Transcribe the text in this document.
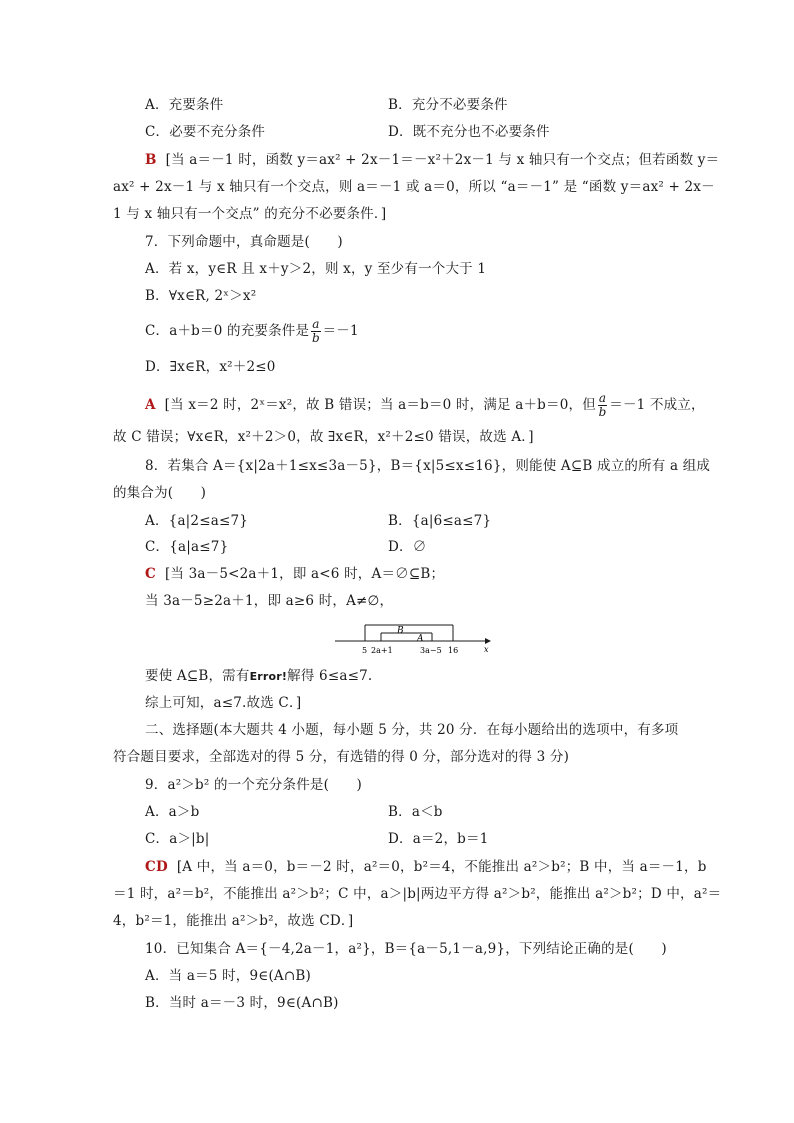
A．充要条件	B．充分不必要条件
C．必要不充分条件	D．既不充分也不必要条件
B [当 a＝－1 时，函数 y＝ax² + 2x－1＝－x²＋2x－1 与 x 轴只有一个交点；但若函数 y＝
ax² + 2x－1 与 x 轴只有一个交点，则 a＝－1 或 a＝0，所以 “a＝－1” 是 “函数 y＝ax² + 2x－
1 与 x 轴只有一个交点” 的充分不必要条件．]
7．下列命题中，真命题是(　　)
A．若 x，y∈R 且 x＋y＞2，则 x，y 至少有一个大于 1
B．∀x∈R, 2ˣ＞x²
C．a＋b＝0 的充要条件是 $\frac{a}{b} =-1$
D．∃x∈R，x²＋2≤0
A [当 x＝2 时，2ˣ＝x²，故 B 错误；当 a＝b＝0 时，满足 a＋b＝0，但 $\frac{a}{b} =-1$ 不成立，
故 C 错误；∀x∈R，x²＋2＞0，故 ∃x∈R，x²＋2≤0 错误，故选 A．]
8．若集合 A＝{x|2a＋1≤x≤3a－5}，B＝{x|5≤x≤16}，则能使 A⊆B 成立的所有 a 组成
的集合为(　　)
A．{a|2≤a≤7}	B．{a|6≤a≤7}
C．{a|a≤7}	D．∅
C [当 3a－5<2a＋1，即 a<6 时，A＝∅⊆B；
当 3a－5≥2a＋1，即 a≥6 时，A≠∅，
B
A
5 2a+1	3a−5 16	x
要使 A⊆B，需有Error!解得 6≤a≤7.
综上可知，a≤7.故选 C．]
二、选择题(本大题共 4 小题，每小题 5 分，共 20 分．在每小题给出的选项中，有多项
符合题目要求，全部选对的得 5 分，有选错的得 0 分，部分选对的得 3 分)
9．a²＞b² 的一个充分条件是(　　)
A．a＞b	B．a＜b
C．a＞|b|	D．a＝2，b＝1
CD [A 中，当 a＝0，b＝－2 时，a²＝0，b²＝4，不能推出 a²＞b²；B 中，当 a＝－1，b
＝1 时，a²＝b²，不能推出 a²＞b²；C 中，a＞|b|两边平方得 a²＞b²，能推出 a²＞b²；D 中，a²＝
4，b²＝1，能推出 a²＞b²，故选 CD．]
10．已知集合 A＝{－4,2a－1，a²}，B＝{a－5,1－a,9}，下列结论正确的是(　　)
A．当 a＝5 时，9∈(A∩B)
B．当时 a＝－3 时，9∈(A∩B)
